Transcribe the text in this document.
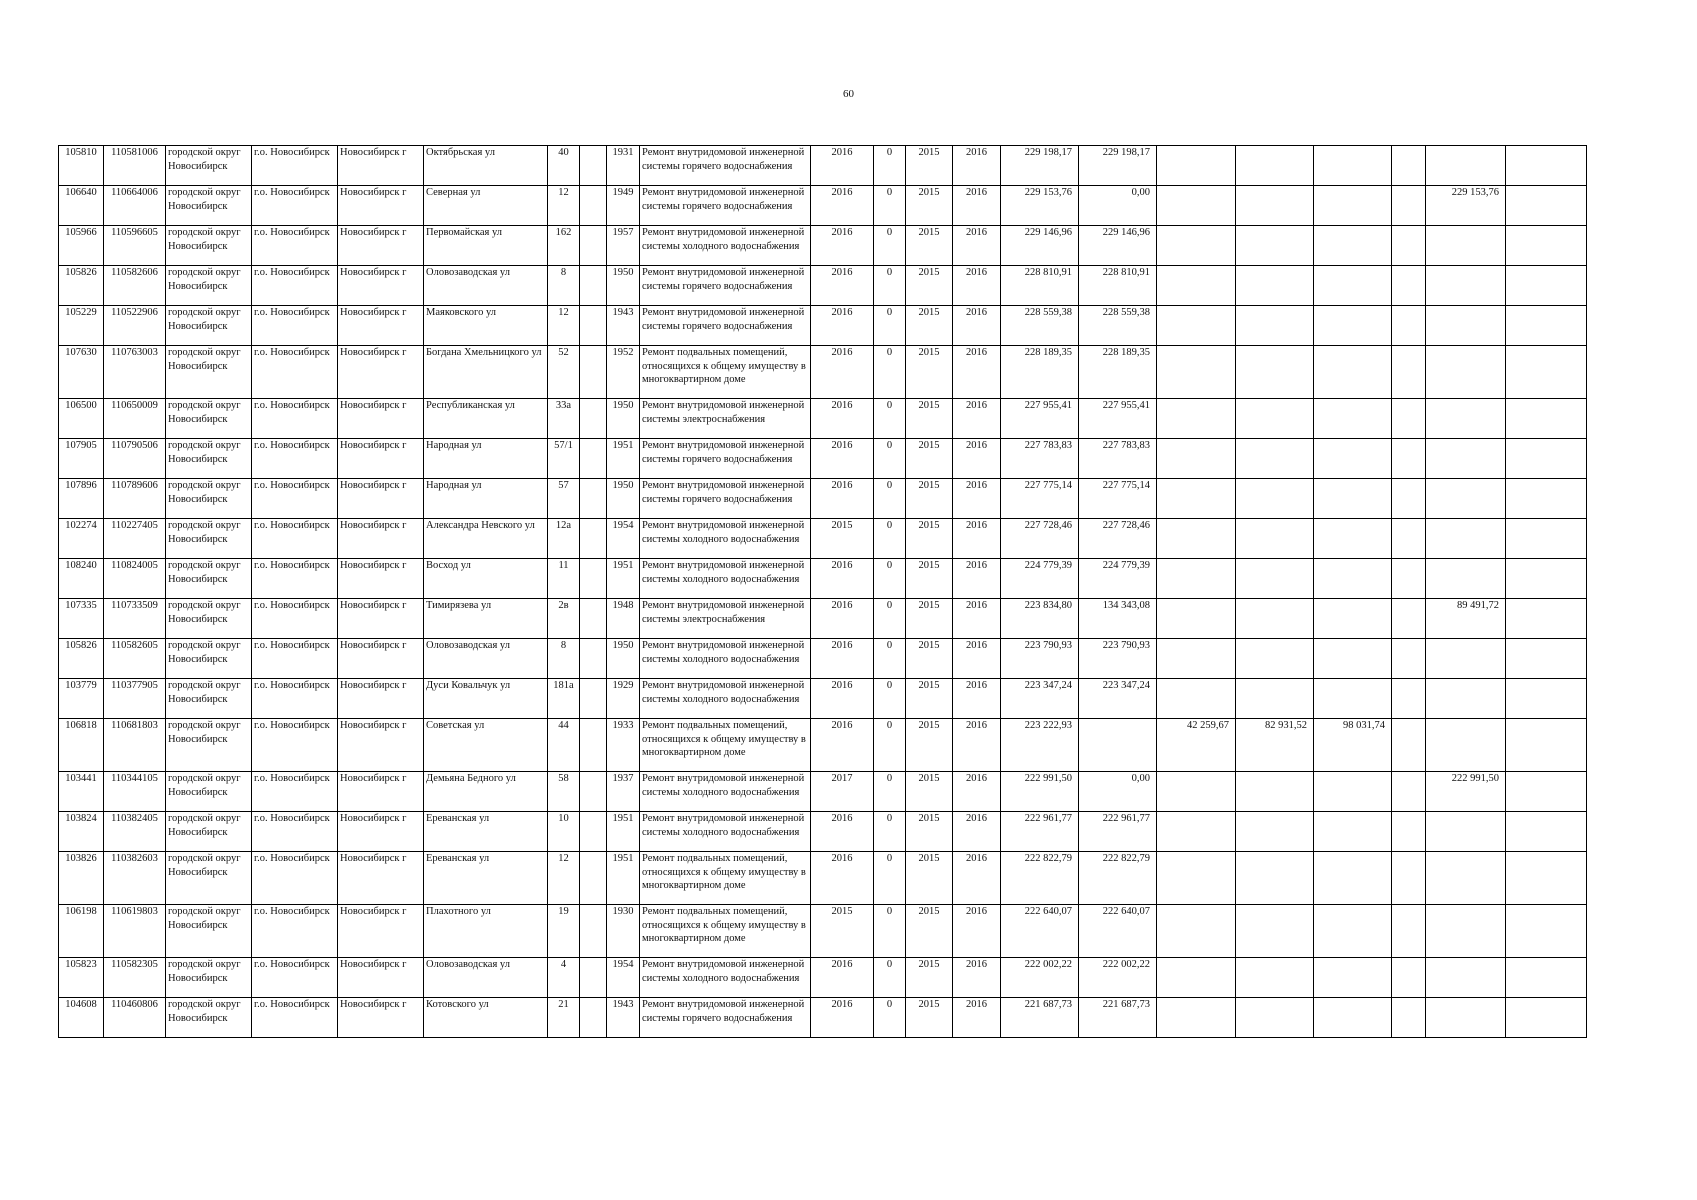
60
105810	110581006	городской округ Новосибирск	г.о. Новосибирск	Новосибирск г	Октябрьская ул	40		1931	Ремонт внутридомовой инженерной системы горячего водоснабжения	2016	0	2015	2016	229 198,17	229 198,17						
106640	110664006	городской округ Новосибирск	г.о. Новосибирск	Новосибирск г	Северная ул	12		1949	Ремонт внутридомовой инженерной системы горячего водоснабжения	2016	0	2015	2016	229 153,76	0,00					229 153,76	
105966	110596605	городской округ Новосибирск	г.о. Новосибирск	Новосибирск г	Первомайская ул	162		1957	Ремонт внутридомовой инженерной системы холодного водоснабжения	2016	0	2015	2016	229 146,96	229 146,96						
105826	110582606	городской округ Новосибирск	г.о. Новосибирск	Новосибирск г	Оловозаводская ул	8		1950	Ремонт внутридомовой инженерной системы горячего водоснабжения	2016	0	2015	2016	228 810,91	228 810,91						
105229	110522906	городской округ Новосибирск	г.о. Новосибирск	Новосибирск г	Маяковского ул	12		1943	Ремонт внутридомовой инженерной системы горячего водоснабжения	2016	0	2015	2016	228 559,38	228 559,38						
107630	110763003	городской округ Новосибирск	г.о. Новосибирск	Новосибирск г	Богдана Хмельницкого ул	52		1952	Ремонт подвальных помещений, относящихся к общему имуществу в многоквартирном доме	2016	0	2015	2016	228 189,35	228 189,35						
106500	110650009	городской округ Новосибирск	г.о. Новосибирск	Новосибирск г	Республиканская ул	33а		1950	Ремонт внутридомовой инженерной системы электроснабжения	2016	0	2015	2016	227 955,41	227 955,41						
107905	110790506	городской округ Новосибирск	г.о. Новосибирск	Новосибирск г	Народная ул	57/1		1951	Ремонт внутридомовой инженерной системы горячего водоснабжения	2016	0	2015	2016	227 783,83	227 783,83						
107896	110789606	городской округ Новосибирск	г.о. Новосибирск	Новосибирск г	Народная ул	57		1950	Ремонт внутридомовой инженерной системы горячего водоснабжения	2016	0	2015	2016	227 775,14	227 775,14						
102274	110227405	городской округ Новосибирск	г.о. Новосибирск	Новосибирск г	Александра Невского ул	12а		1954	Ремонт внутридомовой инженерной системы холодного водоснабжения	2015	0	2015	2016	227 728,46	227 728,46						
108240	110824005	городской округ Новосибирск	г.о. Новосибирск	Новосибирск г	Восход ул	11		1951	Ремонт внутридомовой инженерной системы холодного водоснабжения	2016	0	2015	2016	224 779,39	224 779,39						
107335	110733509	городской округ Новосибирск	г.о. Новосибирск	Новосибирск г	Тимирязева ул	2в		1948	Ремонт внутридомовой инженерной системы электроснабжения	2016	0	2015	2016	223 834,80	134 343,08					89 491,72	
105826	110582605	городской округ Новосибирск	г.о. Новосибирск	Новосибирск г	Оловозаводская ул	8		1950	Ремонт внутридомовой инженерной системы холодного водоснабжения	2016	0	2015	2016	223 790,93	223 790,93						
103779	110377905	городской округ Новосибирск	г.о. Новосибирск	Новосибирск г	Дуси Ковальчук ул	181а		1929	Ремонт внутридомовой инженерной системы холодного водоснабжения	2016	0	2015	2016	223 347,24	223 347,24						
106818	110681803	городской округ Новосибирск	г.о. Новосибирск	Новосибирск г	Советская ул	44		1933	Ремонт подвальных помещений, относящихся к общему имуществу в многоквартирном доме	2016	0	2015	2016	223 222,93		42 259,67	82 931,52	98 031,74			
103441	110344105	городской округ Новосибирск	г.о. Новосибирск	Новосибирск г	Демьяна Бедного ул	58		1937	Ремонт внутридомовой инженерной системы холодного водоснабжения	2017	0	2015	2016	222 991,50	0,00					222 991,50	
103824	110382405	городской округ Новосибирск	г.о. Новосибирск	Новосибирск г	Ереванская ул	10		1951	Ремонт внутридомовой инженерной системы холодного водоснабжения	2016	0	2015	2016	222 961,77	222 961,77						
103826	110382603	городской округ Новосибирск	г.о. Новосибирск	Новосибирск г	Ереванская ул	12		1951	Ремонт подвальных помещений, относящихся к общему имуществу в многоквартирном доме	2016	0	2015	2016	222 822,79	222 822,79						
106198	110619803	городской округ Новосибирск	г.о. Новосибирск	Новосибирск г	Плахотного ул	19		1930	Ремонт подвальных помещений, относящихся к общему имуществу в многоквартирном доме	2015	0	2015	2016	222 640,07	222 640,07						
105823	110582305	городской округ Новосибирск	г.о. Новосибирск	Новосибирск г	Оловозаводская ул	4		1954	Ремонт внутридомовой инженерной системы холодного водоснабжения	2016	0	2015	2016	222 002,22	222 002,22						
104608	110460806	городской округ Новосибирск	г.о. Новосибирск	Новосибирск г	Котовского ул	21		1943	Ремонт внутридомовой инженерной системы горячего водоснабжения	2016	0	2015	2016	221 687,73	221 687,73						
